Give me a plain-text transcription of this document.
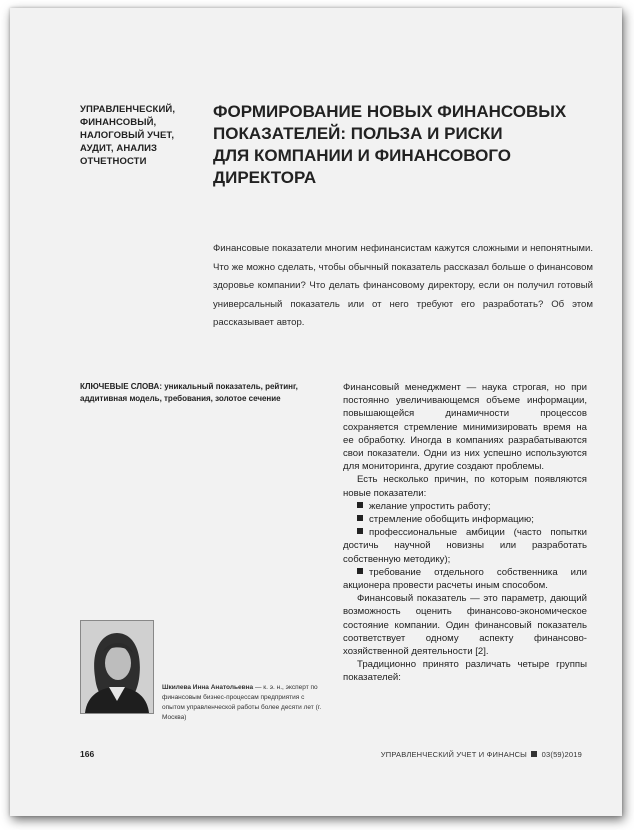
УПРАВЛЕНЧЕСКИЙ,
ФИНАНСОВЫЙ,
НАЛОГОВЫЙ УЧЕТ,
АУДИТ, АНАЛИЗ
ОТЧЕТНОСТИ
ФОРМИРОВАНИЕ НОВЫХ ФИНАНСОВЫХ
ПОКАЗАТЕЛЕЙ: ПОЛЬЗА И РИСКИ
ДЛЯ КОМПАНИИ И ФИНАНСОВОГО
ДИРЕКТОРА
Финансовые показатели многим нефинансистам кажутся сложными и непонятными. Что же можно сделать, чтобы обычный показатель рассказал больше о финансовом здоровье компании? Что делать финансовому директору, если он получил готовый универсальный показатель или от него требуют его разработать? Об этом рассказывает автор.
КЛЮЧЕВЫЕ СЛОВА: уникальный показатель, рейтинг, аддитивная модель, требования, золотое сечение
Шкилева Инна Анатольевна — к. э. н., эксперт по финансовым бизнес-процессам предприятия с опытом управленческой работы более десяти лет (г. Москва)

Финансовый менеджмент — наука строгая, но при постоянно увеличивающемся объеме информации, повышающейся динамичности процессов сохраняется стремление минимизировать время на ее обработку. Иногда в компаниях разрабатываются свои показатели. Одни из них успешно используются для мониторинга, другие создают проблемы.

Есть несколько причин, по которым появляются новые показатели:

желание упростить работу;
стремление обобщить информацию;
профессиональные амбиции (часто попытки достичь научной новизны или разработать собственную методику);
требование отдельного собственника или акционера провести расчеты иным способом.

Финансовый показатель — это параметр, дающий возможность оценить финансово-экономическое состояние компании. Один финансовый показатель соответствует одному аспекту финансово-хозяйственной деятельности [2].

Традиционно принято различать четыре группы показателей:

166	УПРАВЛЕНЧЕСКИЙ УЧЕТ И ФИНАНСЫ 03(59)2019
